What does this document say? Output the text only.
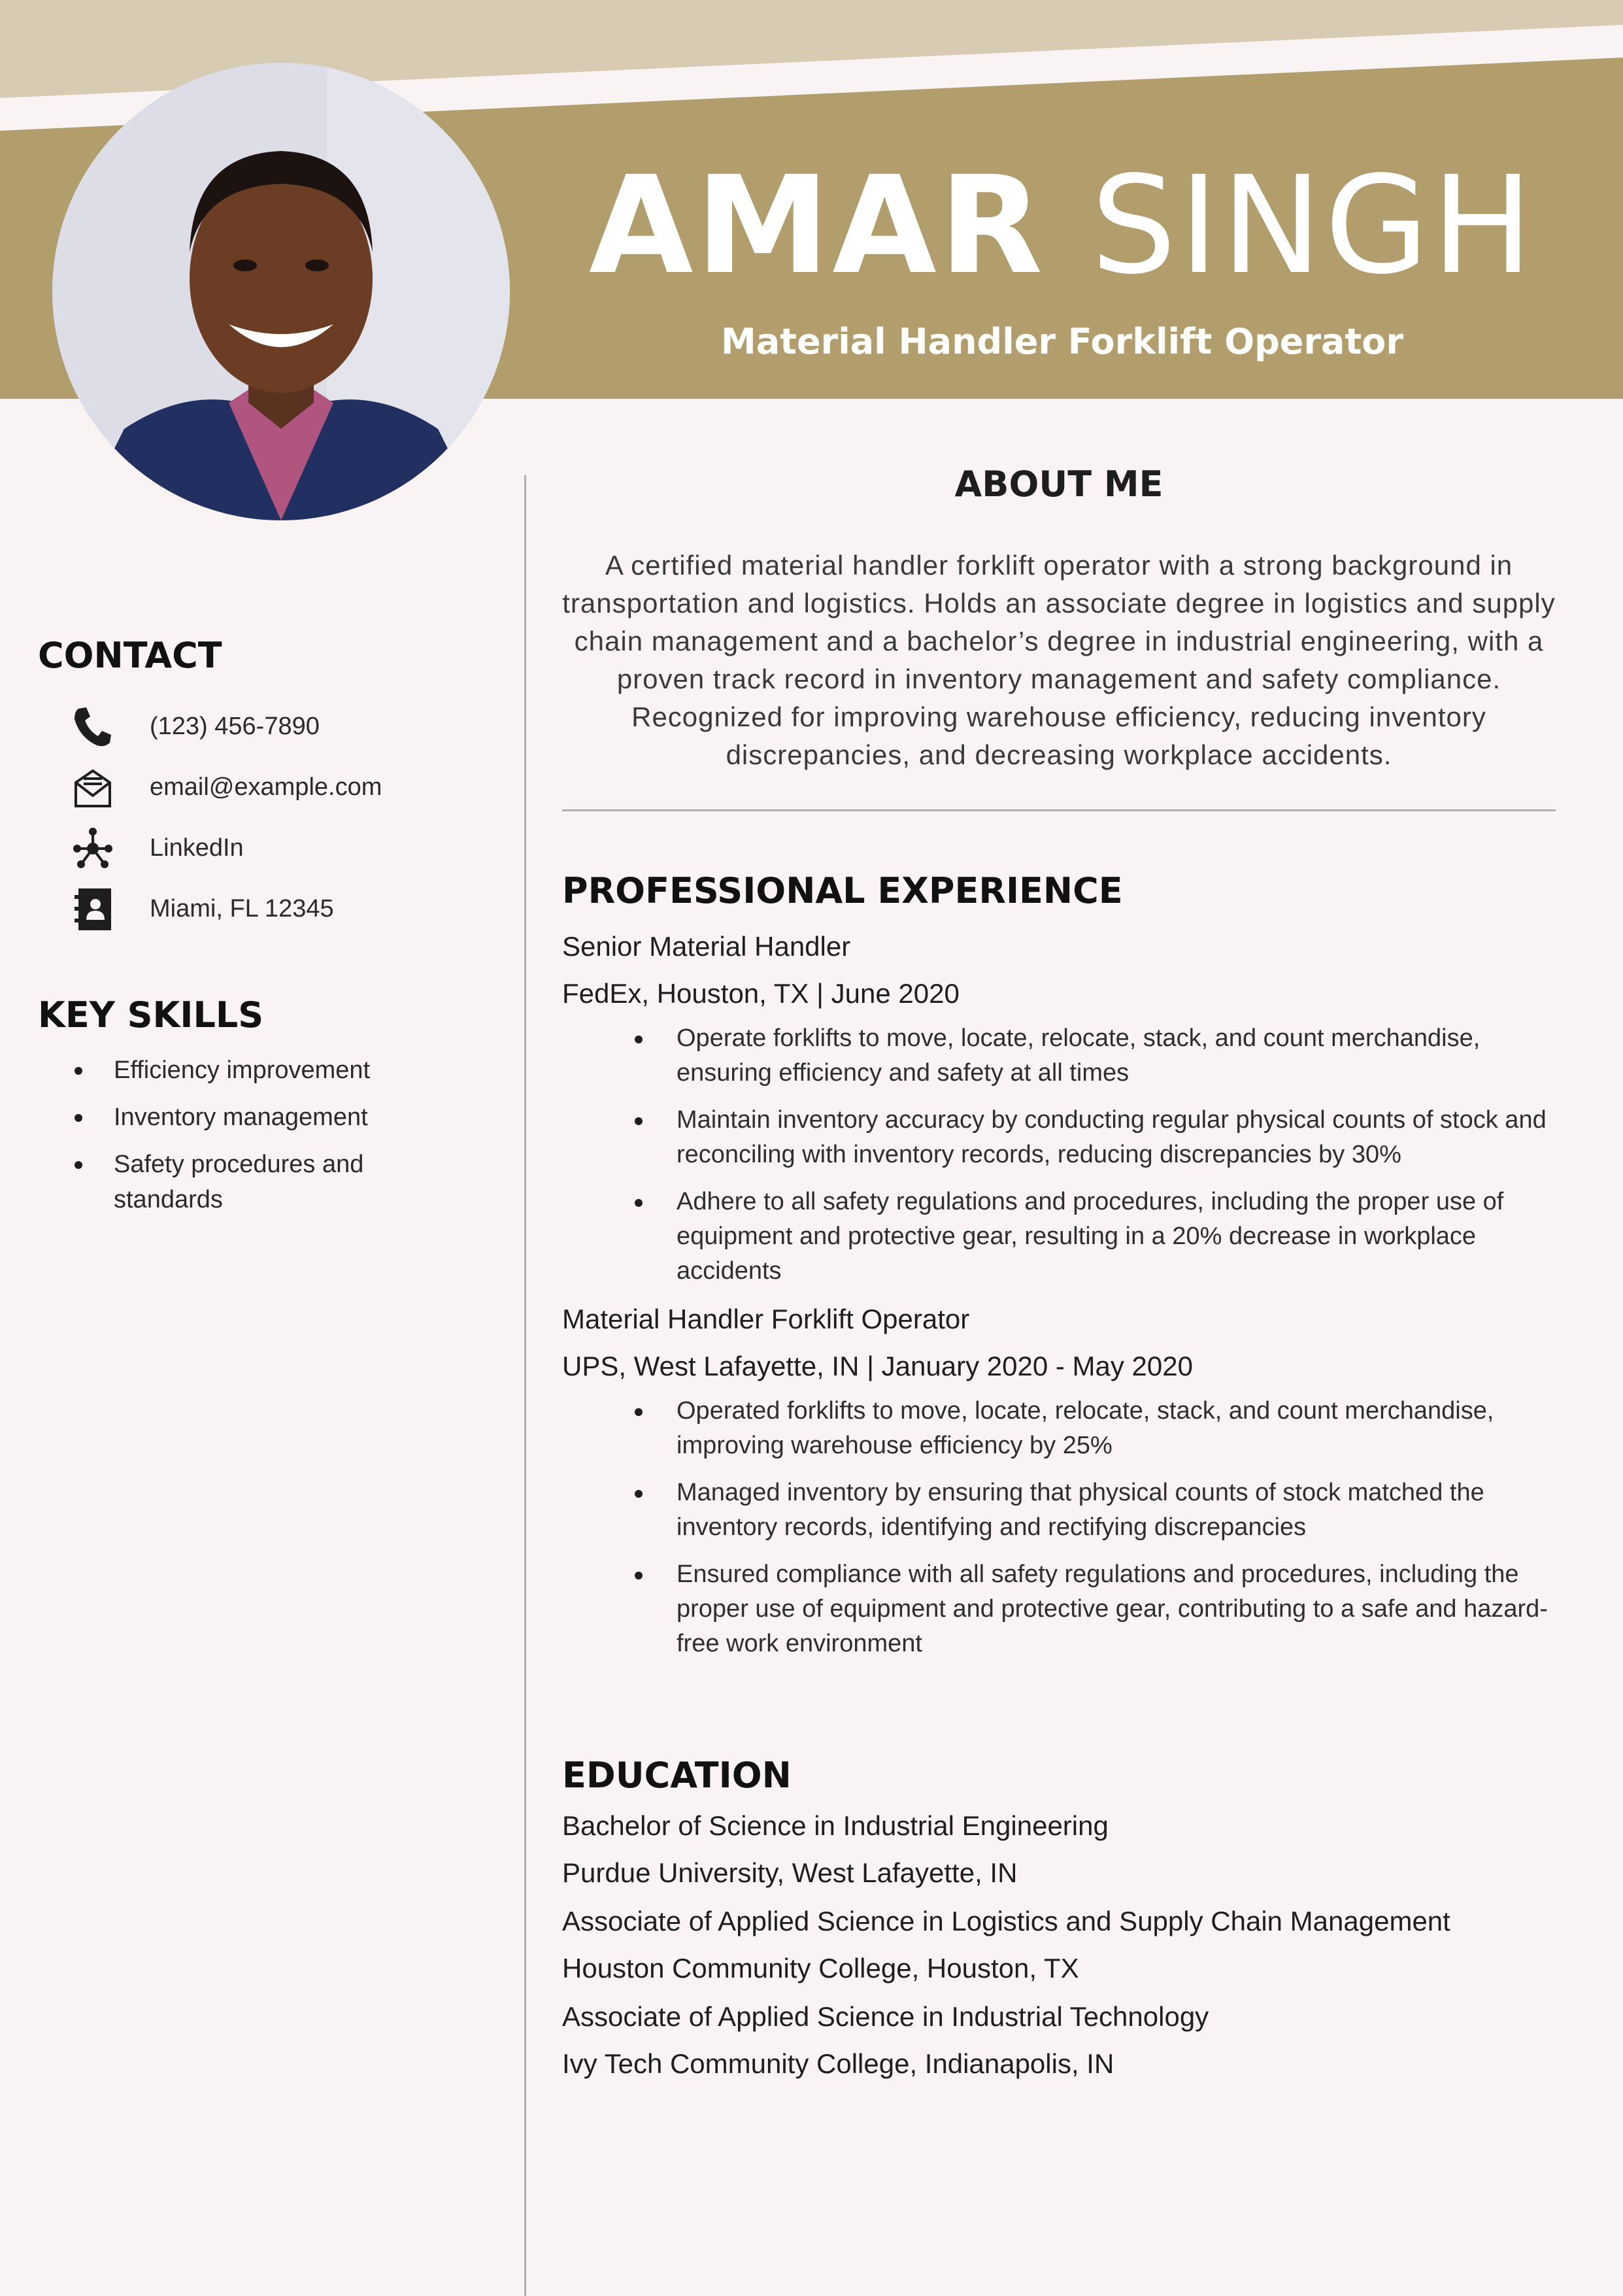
AMAR SINGH
Material Handler Forklift Operator
CONTACT
(123) 456-7890
email@example.com
LinkedIn
Miami, FL 12345
KEY SKILLS
Efficiency improvement
Inventory management
Safety procedures and standards
ABOUT ME

A certified material handler forklift operator with a strong background in transportation and logistics. Holds an associate degree in logistics and supply chain management and a bachelor’s degree in industrial engineering, with a proven track record in inventory management and safety compliance. Recognized for improving warehouse efficiency, reducing inventory discrepancies, and decreasing workplace accidents.

PROFESSIONAL EXPERIENCE

Senior Material Handler

FedEx, Houston, TX | June 2020

Operate forklifts to move, locate, relocate, stack, and count merchandise, ensuring efficiency and safety at all times
Maintain inventory accuracy by conducting regular physical counts of stock and reconciling with inventory records, reducing discrepancies by 30%
Adhere to all safety regulations and procedures, including the proper use of equipment and protective gear, resulting in a 20% decrease in workplace accidents

Material Handler Forklift Operator

UPS, West Lafayette, IN | January 2020 - May 2020

Operated forklifts to move, locate, relocate, stack, and count merchandise, improving warehouse efficiency by 25%
Managed inventory by ensuring that physical counts of stock matched the inventory records, identifying and rectifying discrepancies
Ensured compliance with all safety regulations and procedures, including the proper use of equipment and protective gear, contributing to a safe and hazard-free work environment
EDUCATION

Bachelor of Science in Industrial Engineering

Purdue University, West Lafayette, IN

Associate of Applied Science in Logistics and Supply Chain Management

Houston Community College, Houston, TX

Associate of Applied Science in Industrial Technology

Ivy Tech Community College, Indianapolis, IN
